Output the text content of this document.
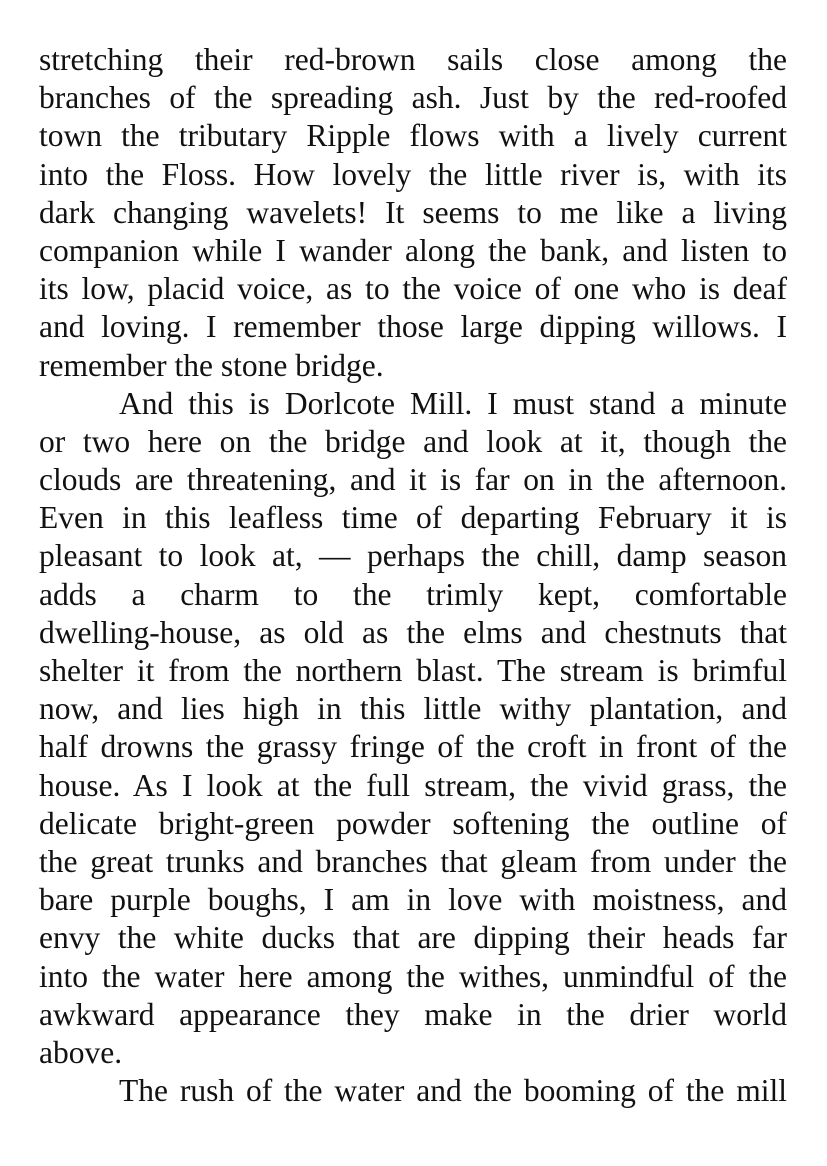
stretching their red-brown sails close among the
branches of the spreading ash. Just by the red-roofed
town the tributary Ripple flows with a lively current
into the Floss. How lovely the little river is, with its
dark changing wavelets! It seems to me like a living
companion while I wander along the bank, and listen to
its low, placid voice, as to the voice of one who is deaf
and loving. I remember those large dipping willows. I
remember the stone bridge.
And this is Dorlcote Mill. I must stand a minute
or two here on the bridge and look at it, though the
clouds are threatening, and it is far on in the afternoon.
Even in this leafless time of departing February it is
pleasant to look at, — perhaps the chill, damp season
adds a charm to the trimly kept, comfortable
dwelling-house, as old as the elms and chestnuts that
shelter it from the northern blast. The stream is brimful
now, and lies high in this little withy plantation, and
half drowns the grassy fringe of the croft in front of the
house. As I look at the full stream, the vivid grass, the
delicate bright-green powder softening the outline of
the great trunks and branches that gleam from under the
bare purple boughs, I am in love with moistness, and
envy the white ducks that are dipping their heads far
into the water here among the withes, unmindful of the
awkward appearance they make in the drier world
above.
The rush of the water and the booming of the mill
